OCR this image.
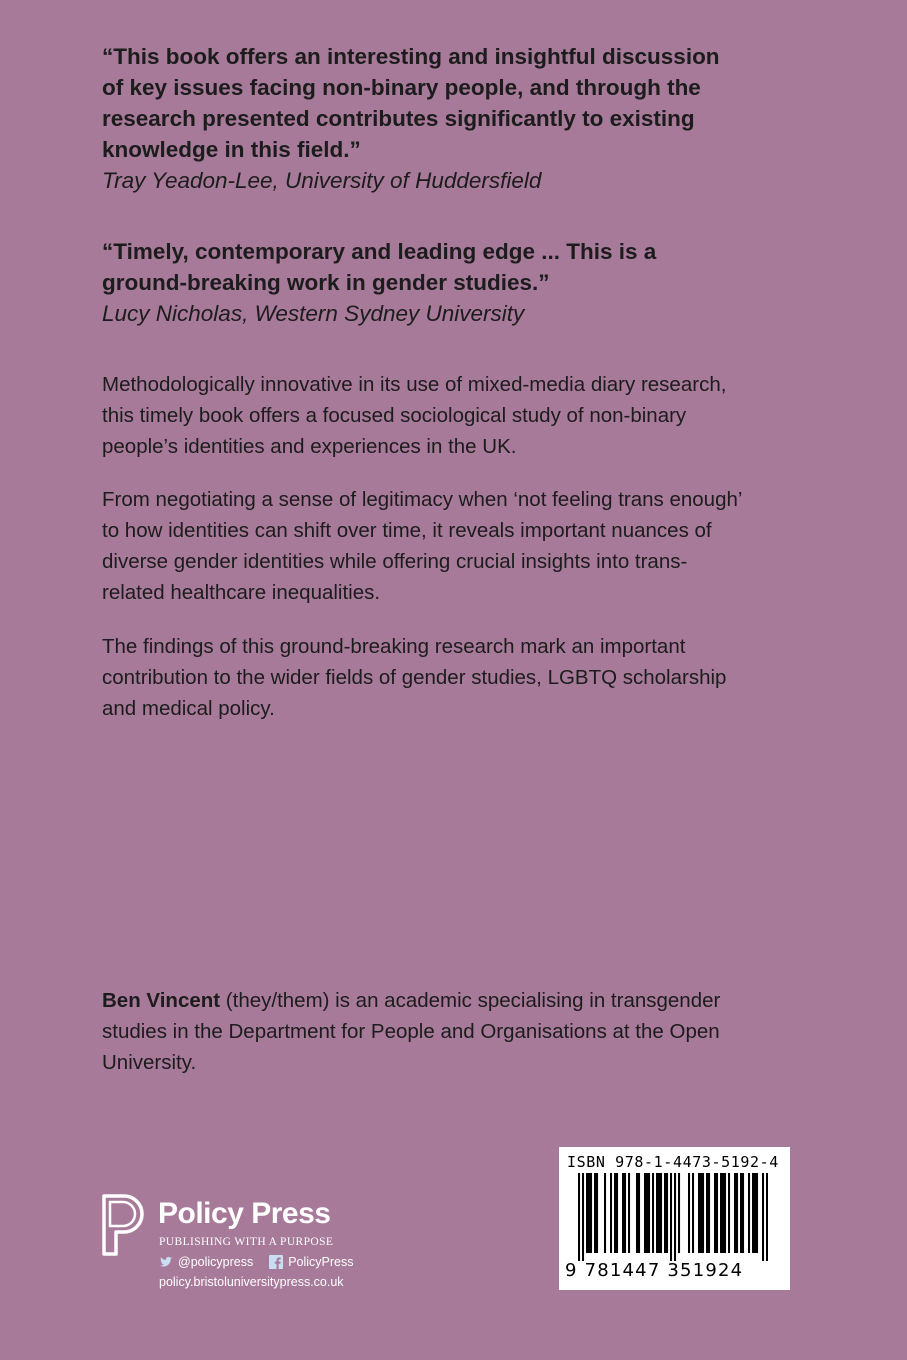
“This book offers an interesting and insightful discussion of key issues facing non-binary people, and through the research presented contributes significantly to existing knowledge in this field.”

Tray Yeadon-Lee, University of Huddersfield

“Timely, contemporary and leading edge ... This is a ground-breaking work in gender studies.”

Lucy Nicholas, Western Sydney University

Methodologically innovative in its use of mixed-media diary research, this timely book offers a focused sociological study of non-binary people’s identities and experiences in the UK.

From negotiating a sense of legitimacy when ‘not feeling trans enough’ to how identities can shift over time, it reveals important nuances of diverse gender identities while offering crucial insights into trans-related healthcare inequalities.

The findings of this ground-breaking research mark an important contribution to the wider fields of gender studies, LGBTQ scholarship and medical policy.

Ben Vincent (they/them) is an academic specialising in transgender studies in the Department for People and Organisations at the Open University.

Policy Press
PUBLISHING WITH A PURPOSE
@policypress	PolicyPress
policy.bristoluniversitypress.co.uk
ISBN 978-1-4473-5192-4
9 781447 351924
